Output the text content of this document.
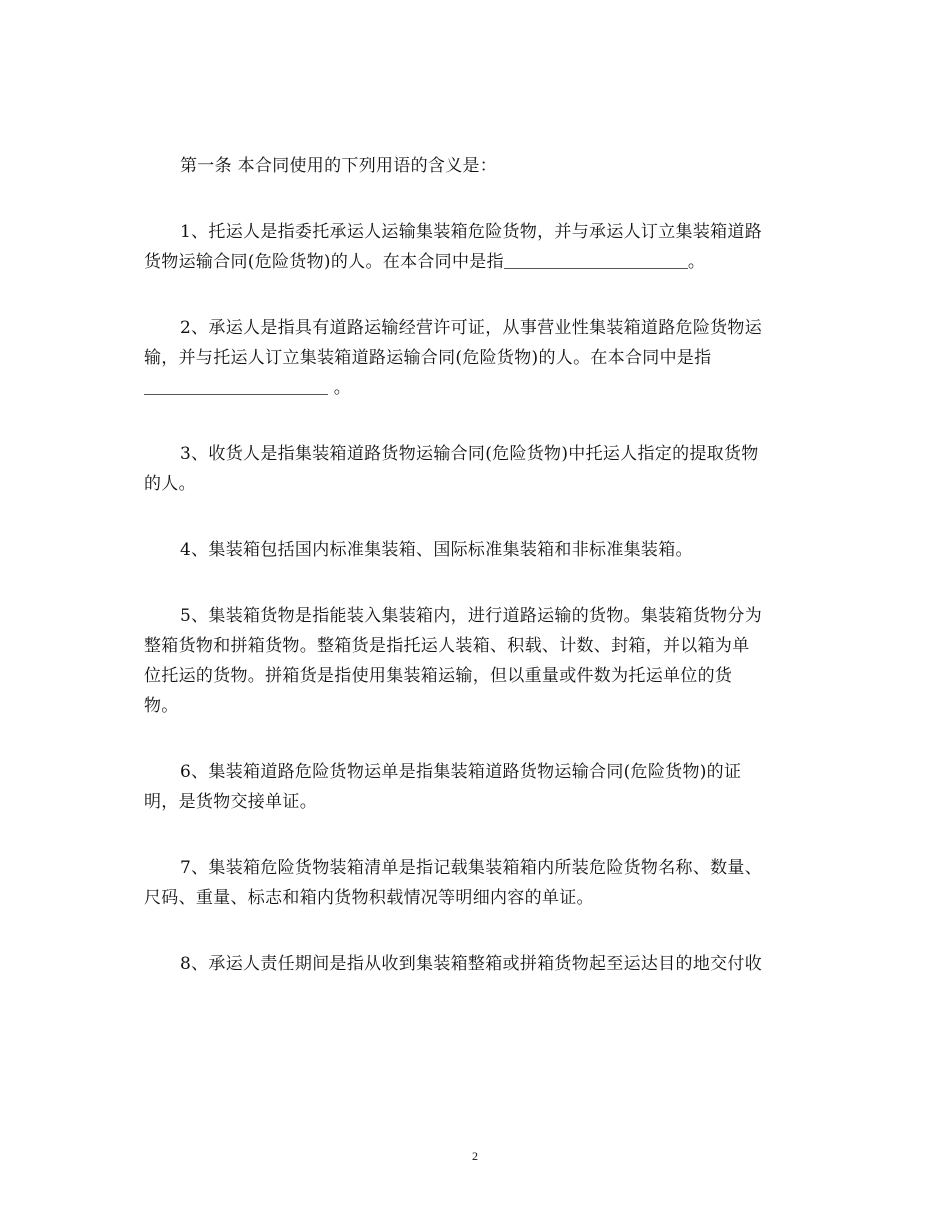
第一条 本合同使用的下列用语的含义是：

1、托运人是指委托承运人运输集装箱危险货物，并与承运人订立集装箱道路
货物运输合同(危险货物)的人。在本合同中是指	。

2、承运人是指具有道路运输经营许可证，从事营业性集装箱道路危险货物运
输，并与托运人订立集装箱道路运输合同(危险货物)的人。在本合同中是指
。

3、收货人是指集装箱道路货物运输合同(危险货物)中托运人指定的提取货物
的人。

4、集装箱包括国内标准集装箱、国际标准集装箱和非标准集装箱。

5、集装箱货物是指能装入集装箱内，进行道路运输的货物。集装箱货物分为
整箱货物和拼箱货物。整箱货是指托运人装箱、积载、计数、封箱，并以箱为单
位托运的货物。拼箱货是指使用集装箱运输，但以重量或件数为托运单位的货
物。

6、集装箱道路危险货物运单是指集装箱道路货物运输合同(危险货物)的证
明，是货物交接单证。

7、集装箱危险货物装箱清单是指记载集装箱箱内所装危险货物名称、数量、
尺码、重量、标志和箱内货物积载情况等明细内容的单证。

8、承运人责任期间是指从收到集装箱整箱或拼箱货物起至运达目的地交付收

2
